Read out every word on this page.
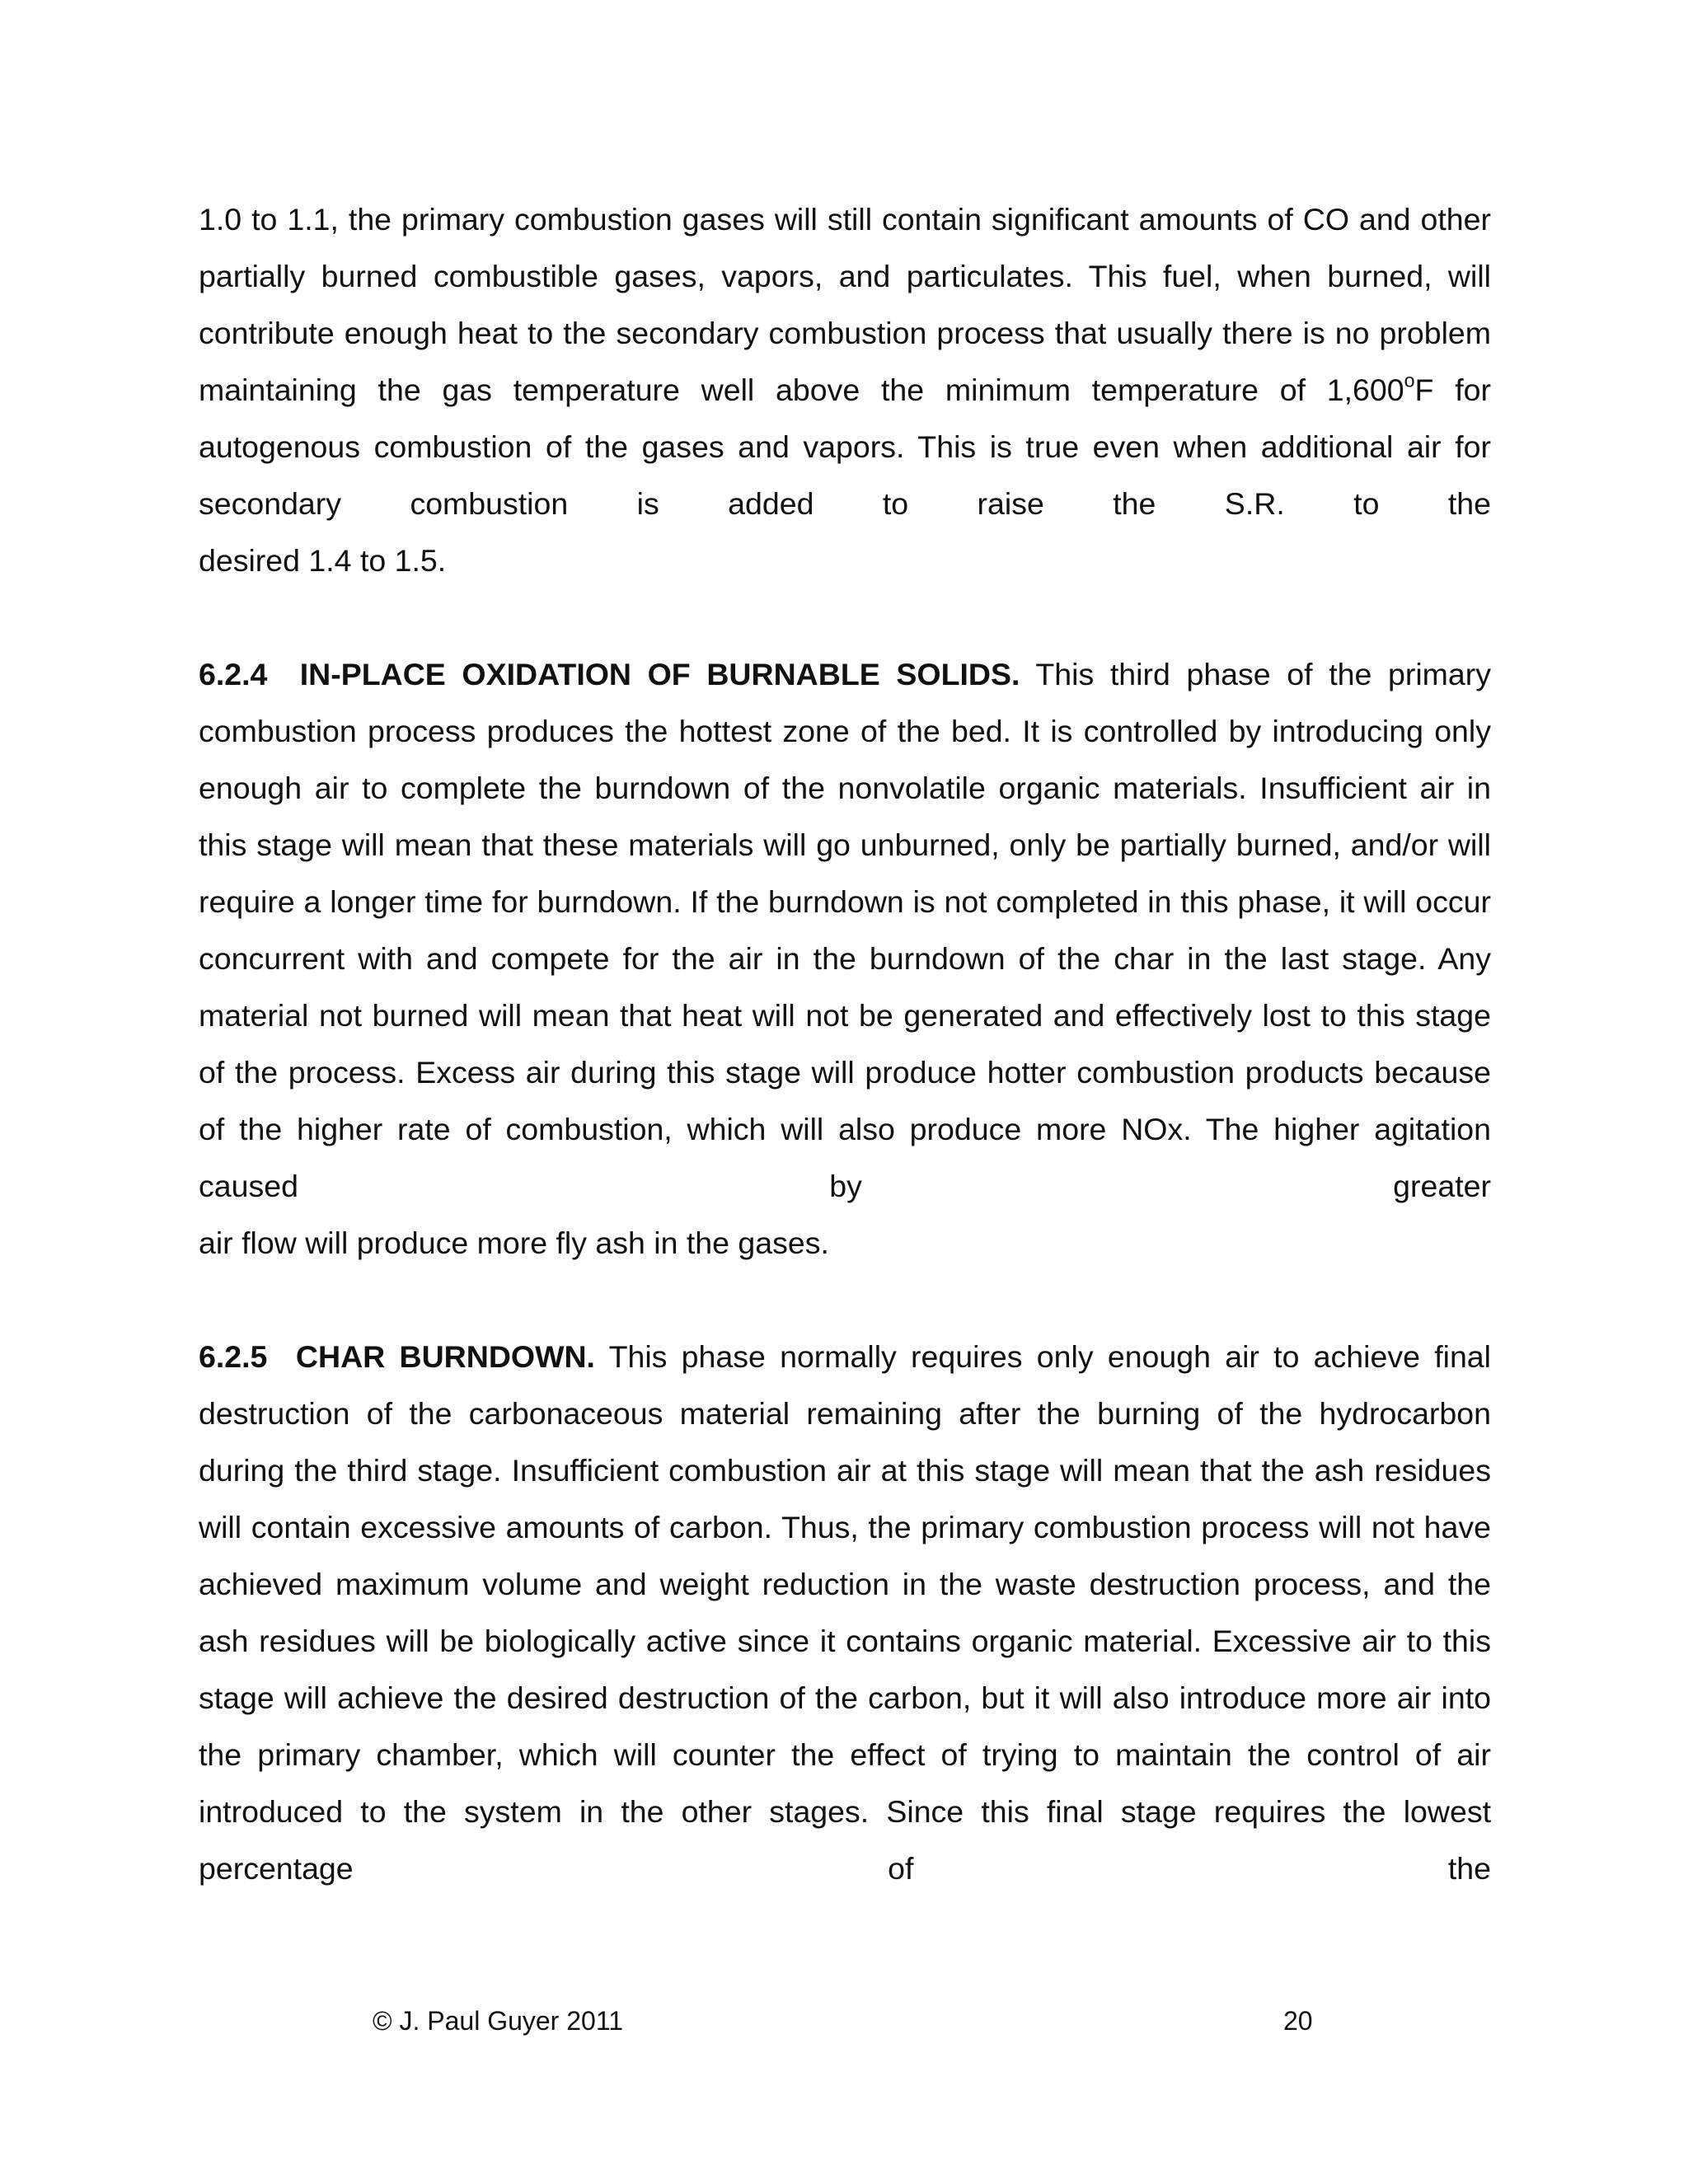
1.0 to 1.1, the primary combustion gases will still contain significant amounts of CO and other partially burned combustible gases, vapors, and particulates. This fuel, when burned, will contribute enough heat to the secondary combustion process that usually there is no problem maintaining the gas temperature well above the minimum temperature of 1,600$^o$F for autogenous combustion of the gases and vapors. This is true even when additional air for secondary combustion is added to raise the S.R. to the

desired 1.4 to 1.5.

6.2.4 IN-PLACE OXIDATION OF BURNABLE SOLIDS. This third phase of the primary combustion process produces the hottest zone of the bed. It is controlled by introducing only enough air to complete the burndown of the nonvolatile organic materials. Insufficient air in this stage will mean that these materials will go unburned, only be partially burned, and/or will require a longer time for burndown. If the burndown is not completed in this phase, it will occur concurrent with and compete for the air in the burndown of the char in the last stage. Any material not burned will mean that heat will not be generated and effectively lost to this stage of the process. Excess air during this stage will produce hotter combustion products because of the higher rate of combustion, which will also produce more NOx. The higher agitation caused by greater

air flow will produce more fly ash in the gases.

6.2.5 CHAR BURNDOWN. This phase normally requires only enough air to achieve final destruction of the carbonaceous material remaining after the burning of the hydrocarbon during the third stage. Insufficient combustion air at this stage will mean that the ash residues will contain excessive amounts of carbon. Thus, the primary combustion process will not have achieved maximum volume and weight reduction in the waste destruction process, and the ash residues will be biologically active since it contains organic material. Excessive air to this stage will achieve the desired destruction of the carbon, but it will also introduce more air into the primary chamber, which will counter the effect of trying to maintain the control of air introduced to the system in the other stages. Since this final stage requires the lowest percentage of the

© J. Paul Guyer 2011	20
